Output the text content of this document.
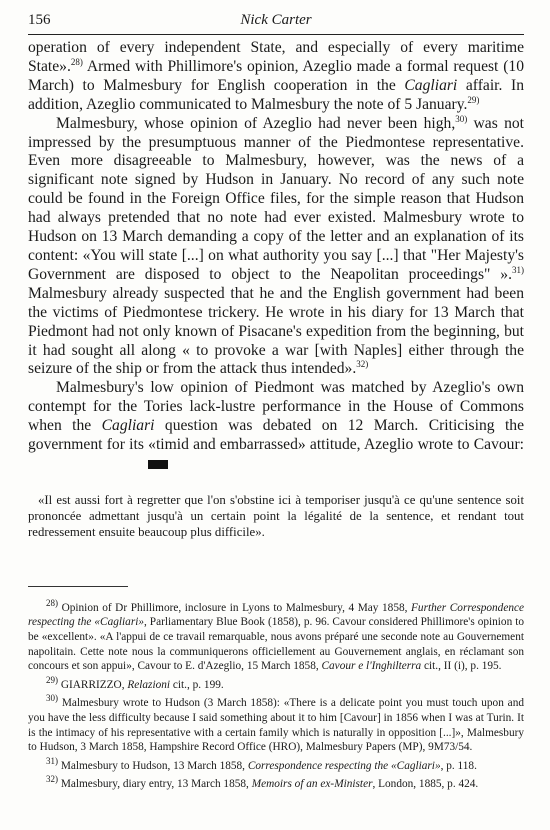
156	Nick Carter

operation of every independent State, and especially of every maritime State».$^{28)}$ Armed with Phillimore's opinion, Azeglio made a formal request (10 March) to Malmesbury for English cooperation in the Cagliari affair. In addition, Azeglio communicated to Malmesbury the note of 5 January.$^{29)}$

Malmesbury, whose opinion of Azeglio had never been high,$^{30)}$ was not impressed by the presumptuous manner of the Piedmontese representative. Even more disagreeable to Malmesbury, however, was the news of a significant note signed by Hudson in January. No record of any such note could be found in the Foreign Office files, for the simple reason that Hudson had always pretended that no note had ever existed. Malmesbury wrote to Hudson on 13 March demanding a copy of the letter and an explanation of its content: «You will state [...] on what authority you say [...] that "Her Majesty's Government are disposed to object to the Neapolitan proceedings" ».$^{31)}$ Malmesbury already suspected that he and the English government had been the victims of Piedmontese trickery. He wrote in his diary for 13 March that Piedmont had not only known of Pisacane's expedition from the beginning, but it had sought all along « to provoke a war [with Naples] either through the seizure of the ship or from the attack thus intended».$^{32)}$

Malmesbury's low opinion of Piedmont was matched by Azeglio's own contempt for the Tories lack-lustre performance in the House of Commons when the Cagliari question was debated on 12 March. Criticising the government for its «timid and embarrassed» attitude, Azeglio wrote to Cavour:

«Il est aussi fort à regretter que l'on s'obstine ici à temporiser jusqu'à ce qu'une sentence soit prononcée admettant jusqu'à un certain point la légalité de la sentence, et rendant tout redressement ensuite beaucoup plus difficile».

$^{28)}$ Opinion of Dr Phillimore, inclosure in Lyons to Malmesbury, 4 May 1858, Further Correspondence respecting the «Cagliari», Parliamentary Blue Book (1858), p. 96. Cavour considered Phillimore's opinion to be «excellent». «A l'appui de ce travail remarquable, nous avons préparé une seconde note au Gouvernement napolitain. Cette note nous la communiquerons officiellement au Gouvernement anglais, en réclamant son concours et son appui», Cavour to E. d'Azeglio, 15 March 1858, Cavour e l'Inghilterra cit., II (i), p. 195.

$^{29)}$ GIARRIZZO, Relazioni cit., p. 199.

$^{30)}$ Malmesbury wrote to Hudson (3 March 1858): «There is a delicate point you must touch upon and you have the less difficulty because I said something about it to him [Cavour] in 1856 when I was at Turin. It is the intimacy of his representative with a certain family which is naturally in opposition [...]», Malmesbury to Hudson, 3 March 1858, Hampshire Record Office (HRO), Malmesbury Papers (MP), 9M73/54.

$^{31)}$ Malmesbury to Hudson, 13 March 1858, Correspondence respecting the «Cagliari», p. 118.

$^{32)}$ Malmesbury, diary entry, 13 March 1858, Memoirs of an ex-Minister, London, 1885, p. 424.
